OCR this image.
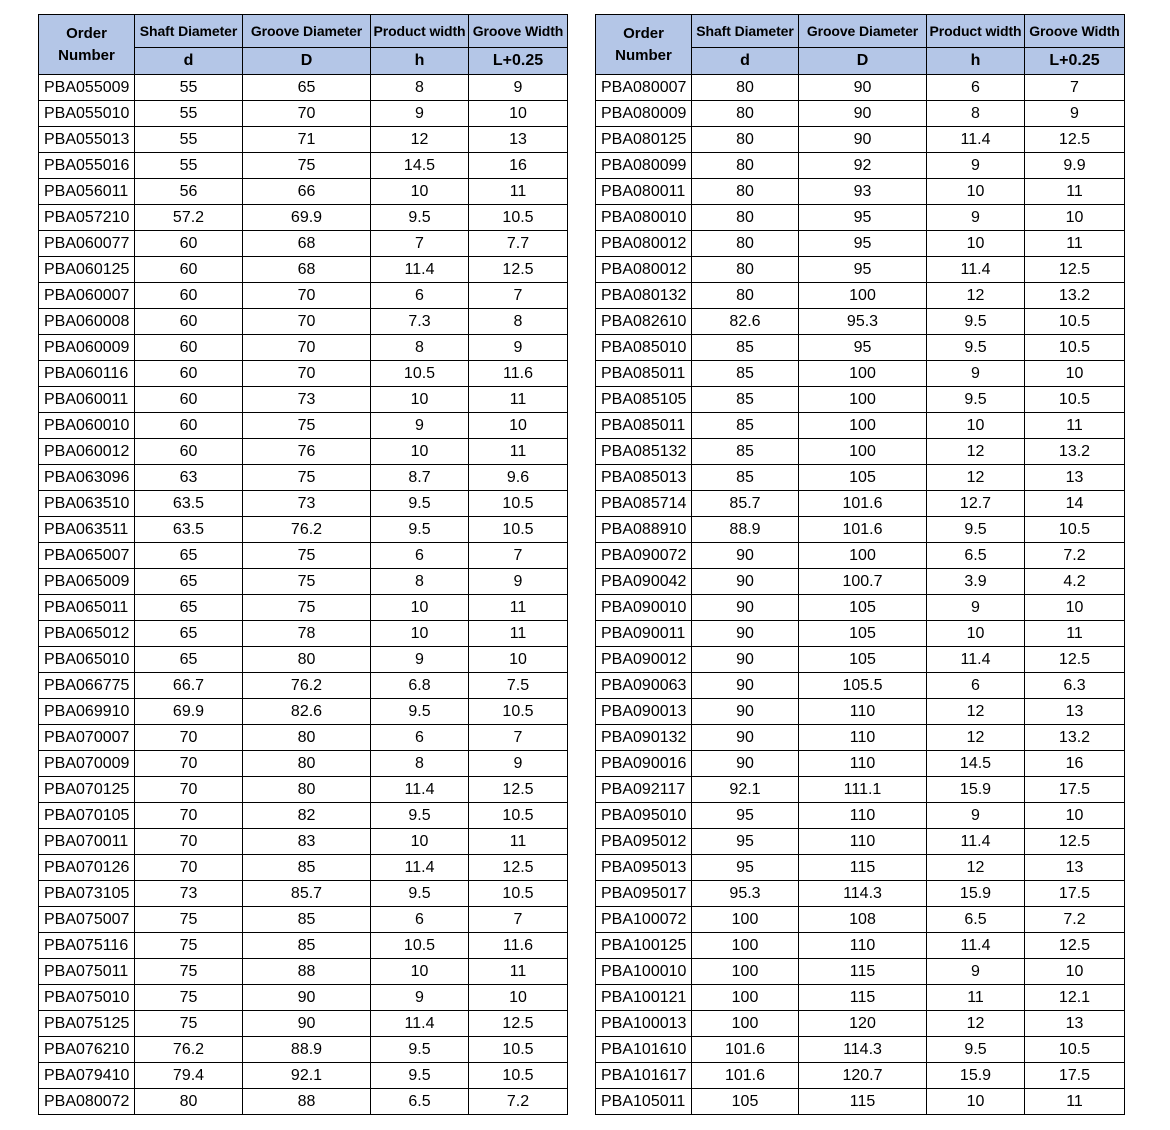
Order Number	Shaft Diameter	Groove Diameter	Product width	Groove Width
	d	D	h	L+0.25
PBA055009	55	65	8	9
PBA055010	55	70	9	10
PBA055013	55	71	12	13
PBA055016	55	75	14.5	16
PBA056011	56	66	10	11
PBA057210	57.2	69.9	9.5	10.5
PBA060077	60	68	7	7.7
PBA060125	60	68	11.4	12.5
PBA060007	60	70	6	7
PBA060008	60	70	7.3	8
PBA060009	60	70	8	9
PBA060116	60	70	10.5	11.6
PBA060011	60	73	10	11
PBA060010	60	75	9	10
PBA060012	60	76	10	11
PBA063096	63	75	8.7	9.6
PBA063510	63.5	73	9.5	10.5
PBA063511	63.5	76.2	9.5	10.5
PBA065007	65	75	6	7
PBA065009	65	75	8	9
PBA065011	65	75	10	11
PBA065012	65	78	10	11
PBA065010	65	80	9	10
PBA066775	66.7	76.2	6.8	7.5
PBA069910	69.9	82.6	9.5	10.5
PBA070007	70	80	6	7
PBA070009	70	80	8	9
PBA070125	70	80	11.4	12.5
PBA070105	70	82	9.5	10.5
PBA070011	70	83	10	11
PBA070126	70	85	11.4	12.5
PBA073105	73	85.7	9.5	10.5
PBA075007	75	85	6	7
PBA075116	75	85	10.5	11.6
PBA075011	75	88	10	11
PBA075010	75	90	9	10
PBA075125	75	90	11.4	12.5
PBA076210	76.2	88.9	9.5	10.5
PBA079410	79.4	92.1	9.5	10.5
PBA080072	80	88	6.5	7.2
Order Number	Shaft Diameter	Groove Diameter	Product width	Groove Width
	d	D	h	L+0.25
PBA080007	80	90	6	7
PBA080009	80	90	8	9
PBA080125	80	90	11.4	12.5
PBA080099	80	92	9	9.9
PBA080011	80	93	10	11
PBA080010	80	95	9	10
PBA080012	80	95	10	11
PBA080012	80	95	11.4	12.5
PBA080132	80	100	12	13.2
PBA082610	82.6	95.3	9.5	10.5
PBA085010	85	95	9.5	10.5
PBA085011	85	100	9	10
PBA085105	85	100	9.5	10.5
PBA085011	85	100	10	11
PBA085132	85	100	12	13.2
PBA085013	85	105	12	13
PBA085714	85.7	101.6	12.7	14
PBA088910	88.9	101.6	9.5	10.5
PBA090072	90	100	6.5	7.2
PBA090042	90	100.7	3.9	4.2
PBA090010	90	105	9	10
PBA090011	90	105	10	11
PBA090012	90	105	11.4	12.5
PBA090063	90	105.5	6	6.3
PBA090013	90	110	12	13
PBA090132	90	110	12	13.2
PBA090016	90	110	14.5	16
PBA092117	92.1	111.1	15.9	17.5
PBA095010	95	110	9	10
PBA095012	95	110	11.4	12.5
PBA095013	95	115	12	13
PBA095017	95.3	114.3	15.9	17.5
PBA100072	100	108	6.5	7.2
PBA100125	100	110	11.4	12.5
PBA100010	100	115	9	10
PBA100121	100	115	11	12.1
PBA100013	100	120	12	13
PBA101610	101.6	114.3	9.5	10.5
PBA101617	101.6	120.7	15.9	17.5
PBA105011	105	115	10	11
